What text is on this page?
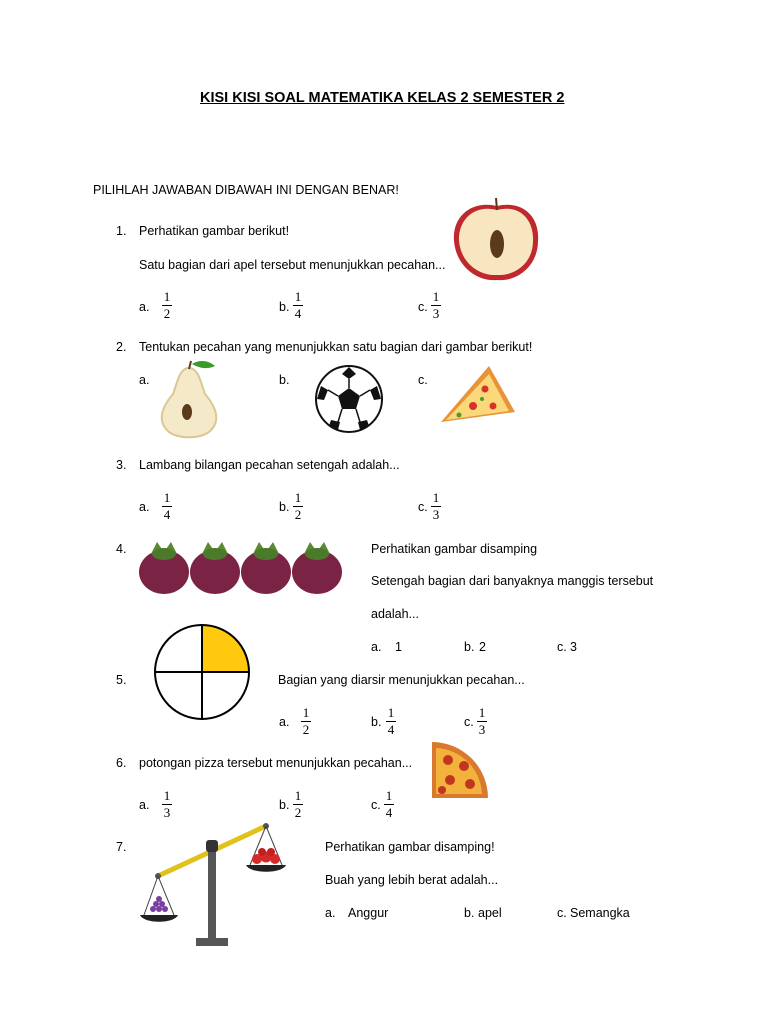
KISI KISI SOAL MATEMATIKA KELAS 2 SEMESTER 2
PILIHLAH JAWABAN DIBAWAH INI DENGAN BENAR!
1. Perhatikan gambar berikut!
Satu bagian dari apel tersebut menunjukkan pecahan...
a.
1
2	b.
1
4	c.
1
3
2. Tentukan pecahan yang menunjukkan satu bagian dari gambar berikut!
a.	b.	c.
3. Lambang bilangan pecahan setengah adalah...
a.
1
4	b.
1
2	c.
1
3
4.	Perhatikan gambar disamping
Setengah bagian dari banyaknya manggis tersebut
adalah...
a. 1	b. 2	c. 3
5.	Bagian yang diarsir menunjukkan pecahan...
a.
1
2	b.
1
4	c.
1
3
6. potongan pizza tersebut menunjukkan pecahan...
a.
1
3	b.
1
2	c.
1
4
7.	Perhatikan gambar disamping!
Buah yang lebih berat adalah...
a. Anggur	b. apel	c. Semangka
